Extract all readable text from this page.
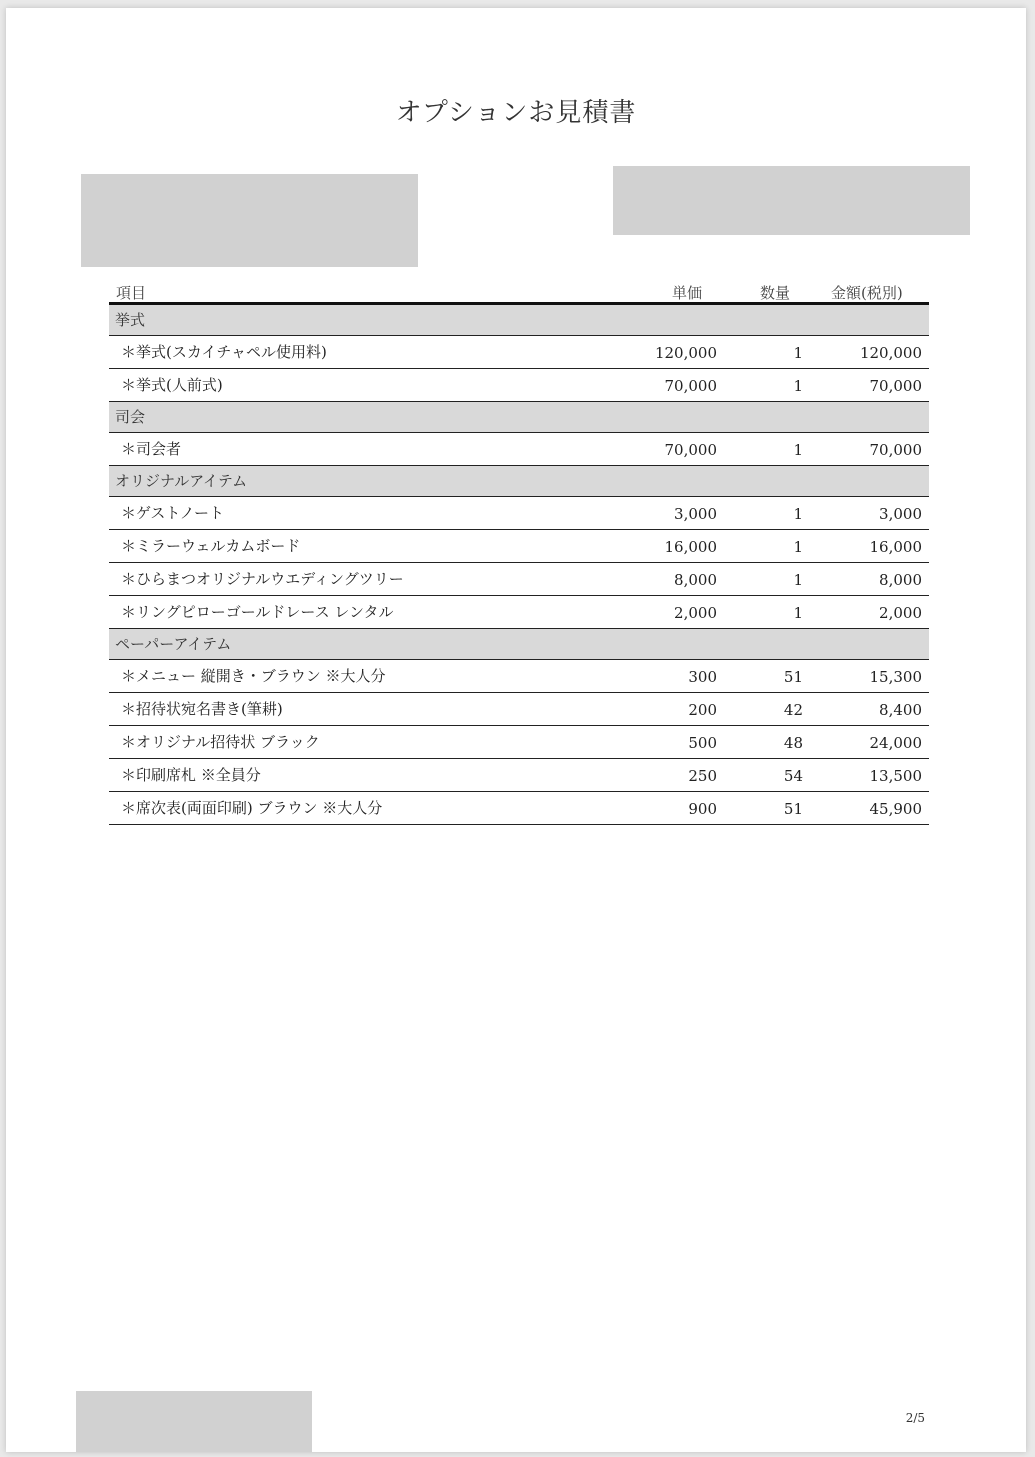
オプションお見積書
項目	単価	数量	金額(税別)
挙式
＊挙式(スカイチャペル使用料)	120,000	1	120,000
＊挙式(人前式)	70,000	1	70,000
司会
＊司会者	70,000	1	70,000
オリジナルアイテム
＊ゲストノート	3,000	1	3,000
＊ミラーウェルカムボード	16,000	1	16,000
＊ひらまつオリジナルウエディングツリー	8,000	1	8,000
＊リングピローゴールドレース レンタル	2,000	1	2,000
ペーパーアイテム
＊メニュー 縦開き・ブラウン ※大人分	300	51	15,300
＊招待状宛名書き(筆耕)	200	42	8,400
＊オリジナル招待状 ブラック	500	48	24,000
＊印刷席札 ※全員分	250	54	13,500
＊席次表(両面印刷) ブラウン ※大人分	900	51	45,900
2/5
